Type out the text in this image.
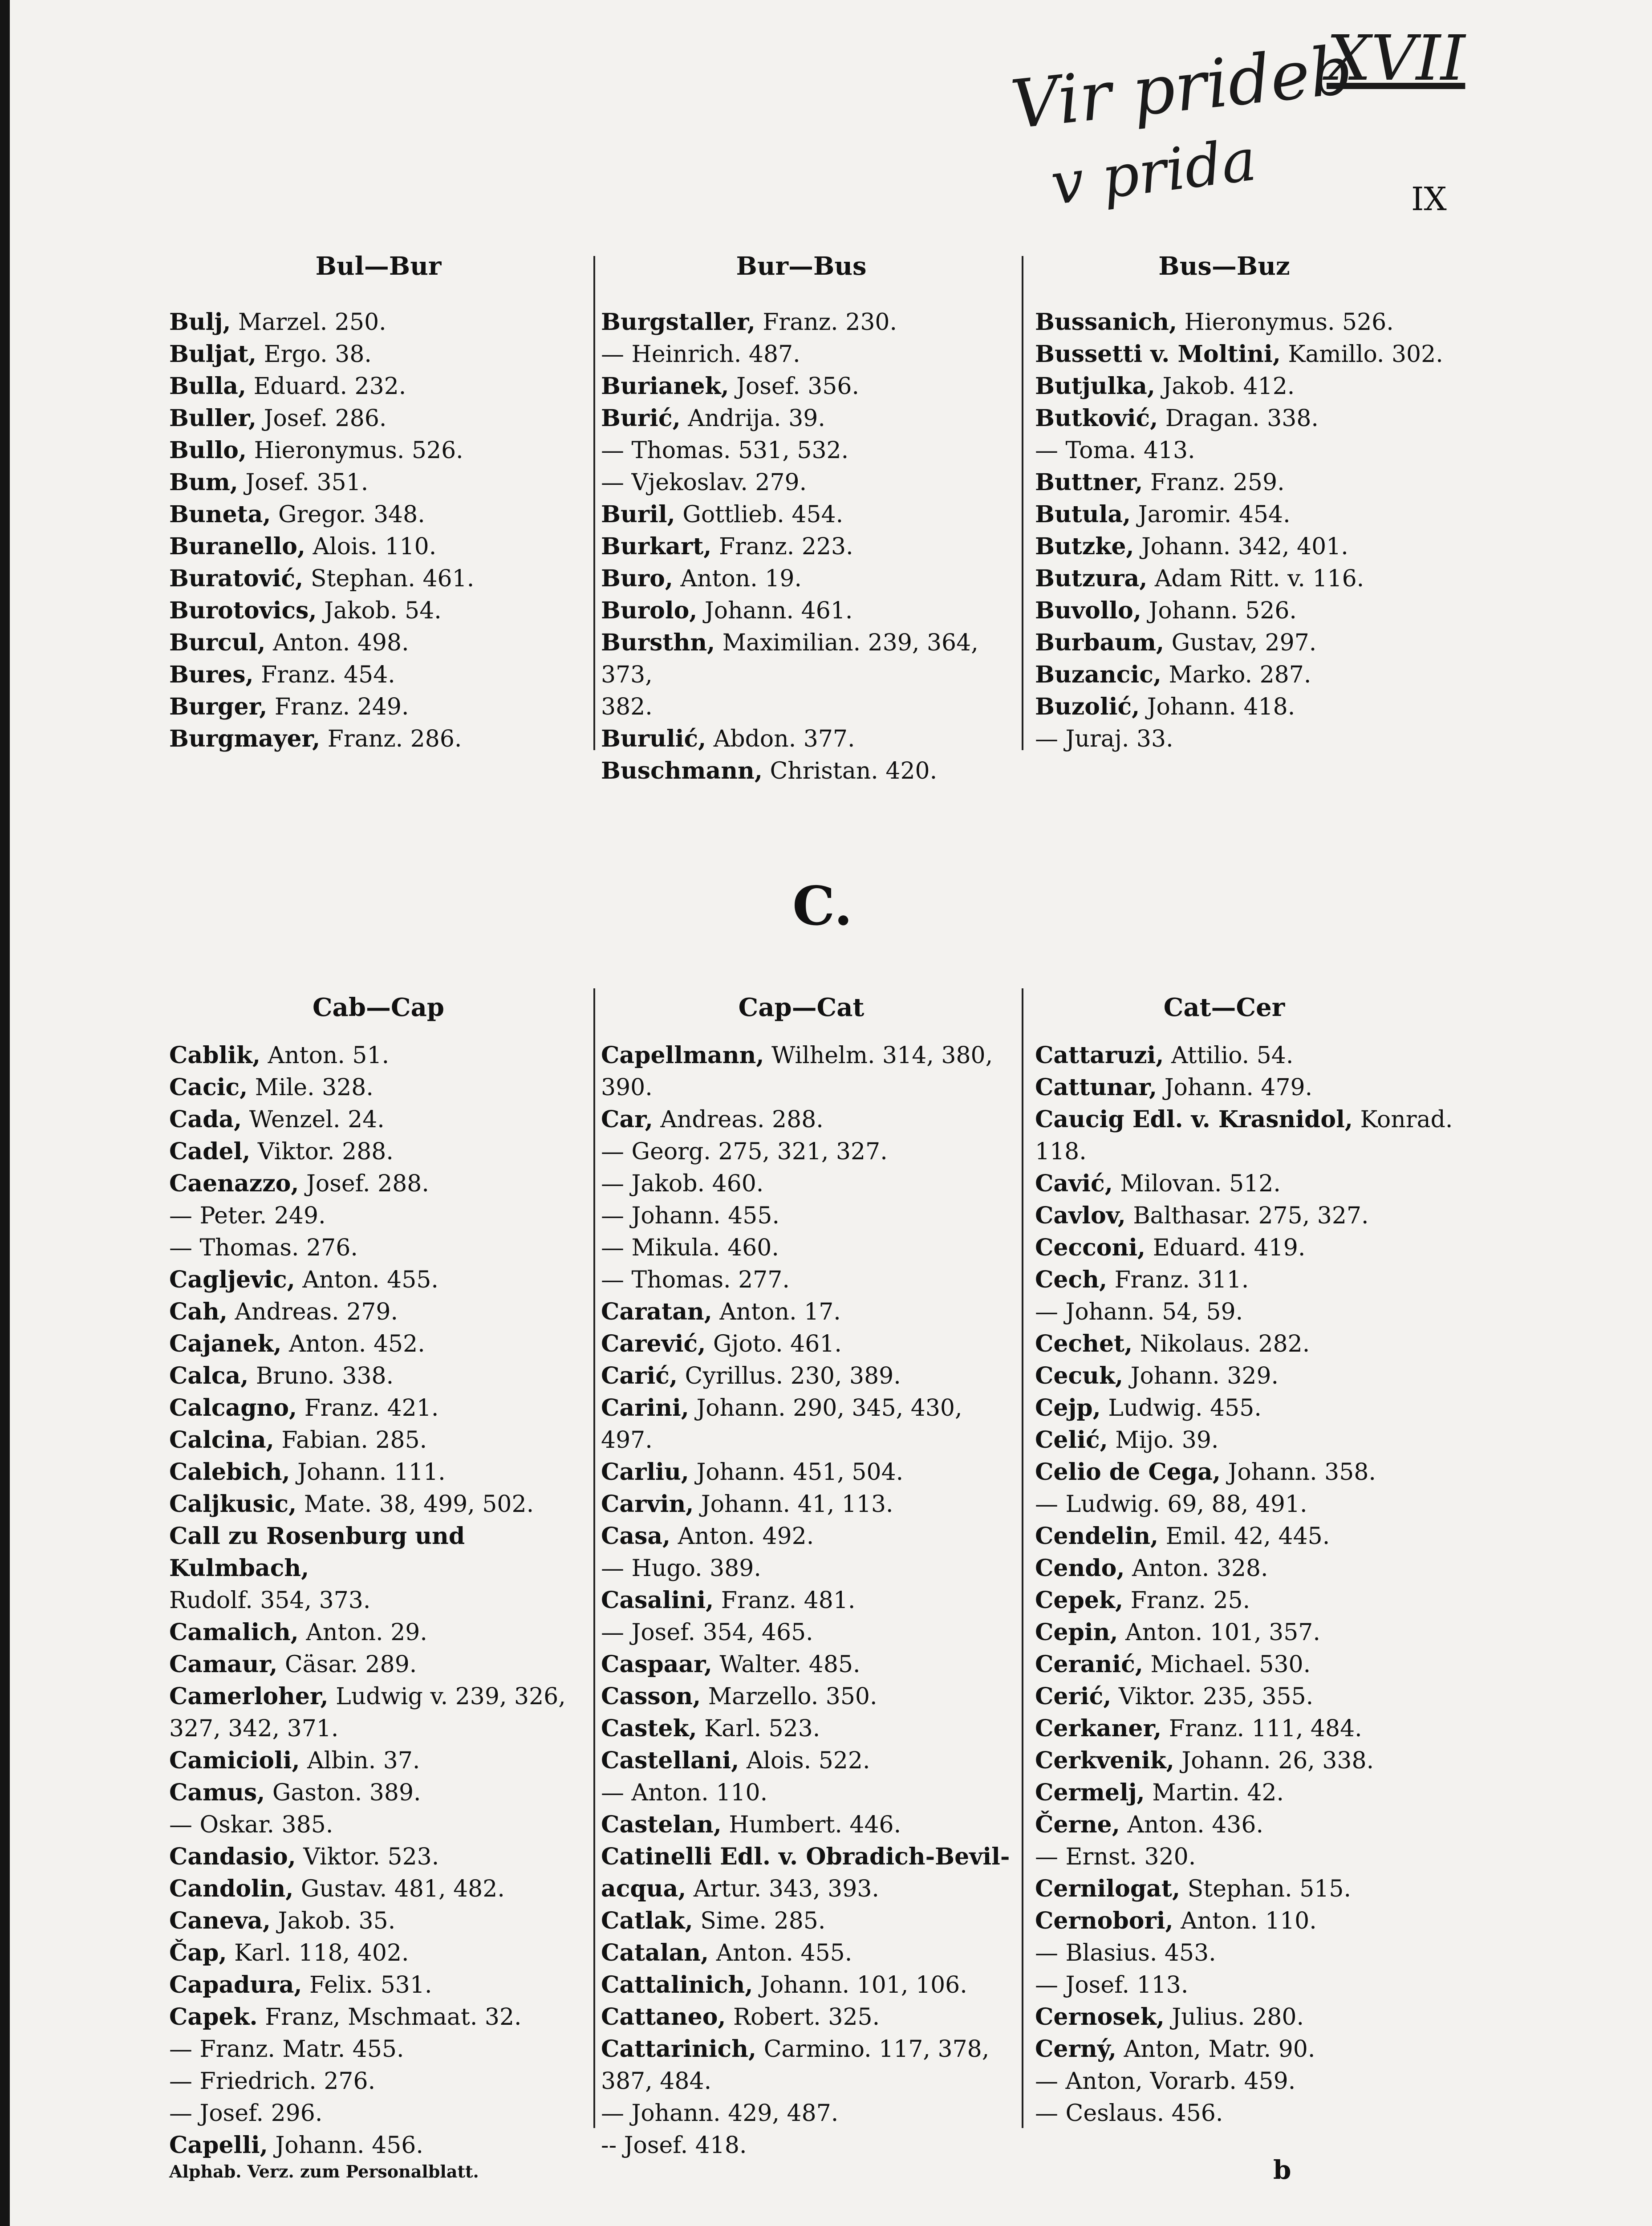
Vir prideb
XVII
v prida	IX
Bul—Bur	Bur—Bus	Bus—Buz
Bulj, Marzel. 250.
Buljat, Ergo. 38.
Bulla, Eduard. 232.
Buller, Josef. 286.
Bullo, Hieronymus. 526.
Bum, Josef. 351.
Buneta, Gregor. 348.
Buranello, Alois. 110.
Buratović, Stephan. 461.
Burotovics, Jakob. 54.
Burcul, Anton. 498.
Bures, Franz. 454.
Burger, Franz. 249.
Burgmayer, Franz. 286.
Burgstaller, Franz. 230.
— Heinrich. 487.
Burianek, Josef. 356.
Burić, Andrija. 39.
— Thomas. 531, 532.
— Vjekoslav. 279.
Buril, Gottlieb. 454.
Burkart, Franz. 223.
Buro, Anton. 19.
Burolo, Johann. 461.
Bursthn, Maximilian. 239, 364, 373,
382.
Burulić, Abdon. 377.
Buschmann, Christan. 420.
Bussanich, Hieronymus. 526.
Bussetti v. Moltini, Kamillo. 302.
Butjulka, Jakob. 412.
Butković, Dragan. 338.
— Toma. 413.
Buttner, Franz. 259.
Butula, Jaromir. 454.
Butzke, Johann. 342, 401.
Butzura, Adam Ritt. v. 116.
Buvollo, Johann. 526.
Burbaum, Gustav, 297.
Buzancic, Marko. 287.
Buzolić, Johann. 418.
— Juraj. 33.
C.
Cab—Cap	Cap—Cat	Cat—Cer
Cablik, Anton. 51.
Cacic, Mile. 328.
Cada, Wenzel. 24.
Cadel, Viktor. 288.
Caenazzo, Josef. 288.
— Peter. 249.
— Thomas. 276.
Cagljevic, Anton. 455.
Cah, Andreas. 279.
Cajanek, Anton. 452.
Calca, Bruno. 338.
Calcagno, Franz. 421.
Calcina, Fabian. 285.
Calebich, Johann. 111.
Caljkusic, Mate. 38, 499, 502.
Call zu Rosenburg und Kulmbach,
Rudolf. 354, 373.
Camalich, Anton. 29.
Camaur, Cäsar. 289.
Camerloher, Ludwig v. 239, 326,
327, 342, 371.
Camicioli, Albin. 37.
Camus, Gaston. 389.
— Oskar. 385.
Candasio, Viktor. 523.
Candolin, Gustav. 481, 482.
Caneva, Jakob. 35.
Čap, Karl. 118, 402.
Capadura, Felix. 531.
Capek. Franz, Mschmaat. 32.
— Franz. Matr. 455.
— Friedrich. 276.
— Josef. 296.
Capelli, Johann. 456.
Capellmann, Wilhelm. 314, 380,
390.
Car, Andreas. 288.
— Georg. 275, 321, 327.
— Jakob. 460.
— Johann. 455.
— Mikula. 460.
— Thomas. 277.
Caratan, Anton. 17.
Carević, Gjoto. 461.
Carić, Cyrillus. 230, 389.
Carini, Johann. 290, 345, 430, 497.
Carliu, Johann. 451, 504.
Carvin, Johann. 41, 113.
Casa, Anton. 492.
— Hugo. 389.
Casalini, Franz. 481.
— Josef. 354, 465.
Caspaar, Walter. 485.
Casson, Marzello. 350.
Castek, Karl. 523.
Castellani, Alois. 522.
— Anton. 110.
Castelan, Humbert. 446.
Catinelli Edl. v. Obradich-Bevil-
acqua, Artur. 343, 393.
Catlak, Sime. 285.
Catalan, Anton. 455.
Cattalinich, Johann. 101, 106.
Cattaneo, Robert. 325.
Cattarinich, Carmino. 117, 378,
387, 484.
— Johann. 429, 487.
-- Josef. 418.
Cattaruzi, Attilio. 54.
Cattunar, Johann. 479.
Caucig Edl. v. Krasnidol, Konrad.
118.
Cavić, Milovan. 512.
Cavlov, Balthasar. 275, 327.
Cecconi, Eduard. 419.
Cech, Franz. 311.
— Johann. 54, 59.
Cechet, Nikolaus. 282.
Cecuk, Johann. 329.
Cejp, Ludwig. 455.
Celić, Mijo. 39.
Celio de Cega, Johann. 358.
— Ludwig. 69, 88, 491.
Cendelin, Emil. 42, 445.
Cendo, Anton. 328.
Cepek, Franz. 25.
Cepin, Anton. 101, 357.
Ceranić, Michael. 530.
Cerić, Viktor. 235, 355.
Cerkaner, Franz. 111, 484.
Cerkvenik, Johann. 26, 338.
Cermelj, Martin. 42.
Černe, Anton. 436.
— Ernst. 320.
Cernilogat, Stephan. 515.
Cernobori, Anton. 110.
— Blasius. 453.
— Josef. 113.
Cernosek, Julius. 280.
Cerný, Anton, Matr. 90.
— Anton, Vorarb. 459.
— Ceslaus. 456.
Alphab. Verz. zum Personalblatt.	b
